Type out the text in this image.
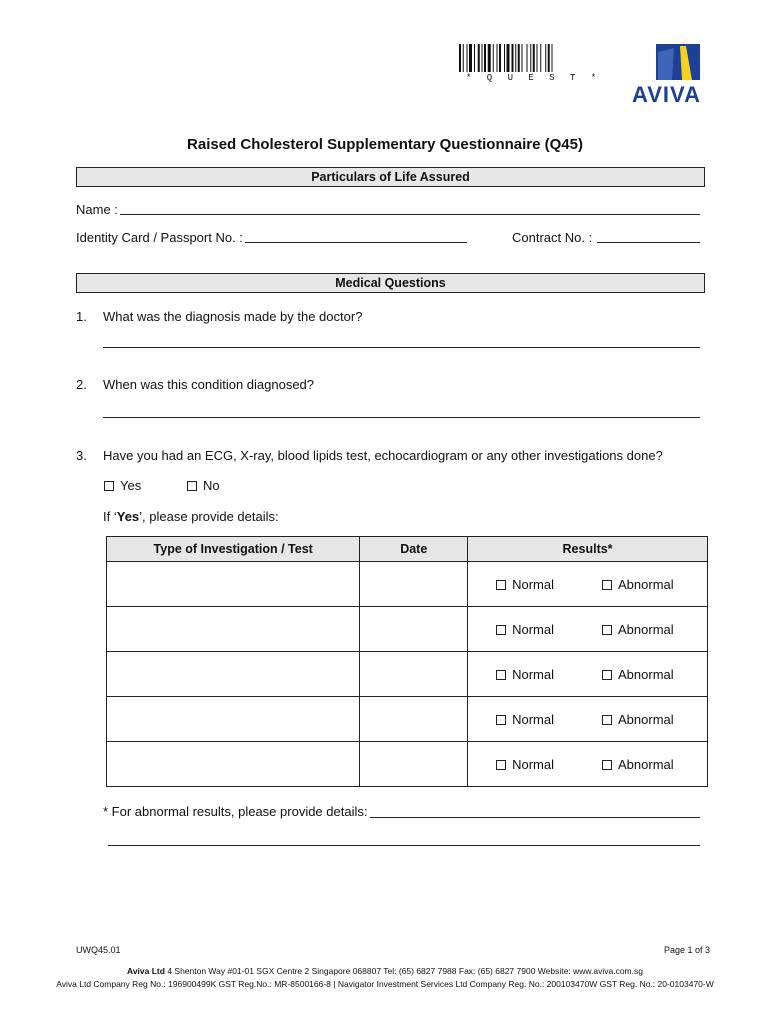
* Q U E S T *
AVIVA
Raised Cholesterol Supplementary Questionnaire (Q45)
Particulars of Life Assured
Name :
Identity Card / Passport No. :	Contract No. :
Medical Questions
1. What was the diagnosis made by the doctor?
2. When was this condition diagnosed?
3. Have you had an ECG, X-ray, blood lipids test, echocardiogram or any other investigations done?
Yes	No
If ‘Yes’, please provide details:
Type of Investigation / Test	Date	Results*

		Normal Abnormal

		Normal Abnormal

		Normal Abnormal

		Normal Abnormal

		Normal Abnormal
* For abnormal results, please provide details:
UWQ45.01	Page 1 of 3
Aviva Ltd 4 Shenton Way #01-01 SGX Centre 2 Singapore 068807 Tel: (65) 6827 7988 Fax: (65) 6827 7900 Website: www.aviva.com.sg
Aviva Ltd Company Reg No.: 196900499K GST Reg.No.: MR-8500166-8 | Navigator Investment Services Ltd Company Reg. No.: 200103470W GST Reg. No.: 20-0103470-W
